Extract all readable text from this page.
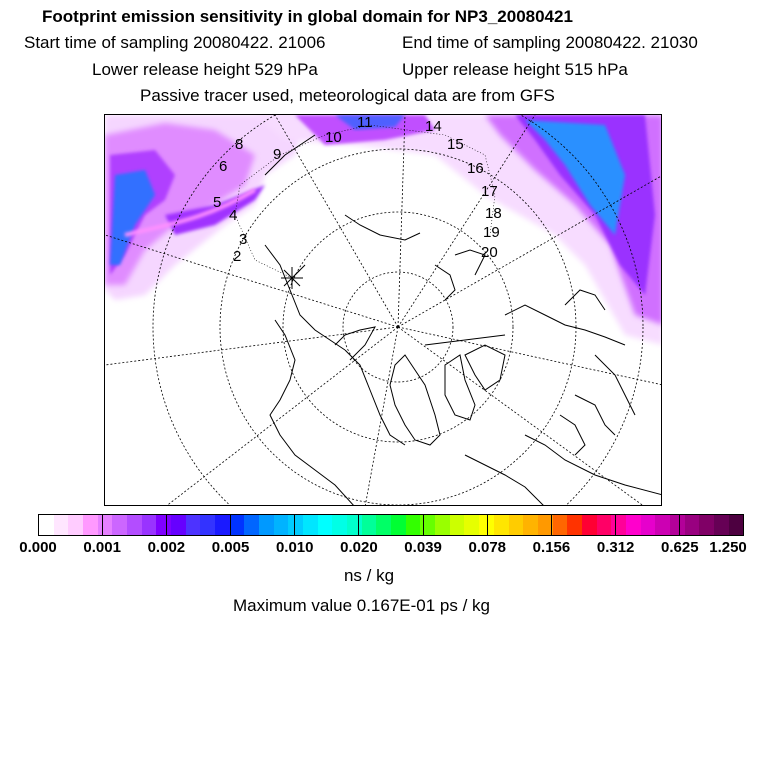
Footprint emission sensitivity in global domain for NP3_20080421
Start time of sampling 20080422. 21006	End time of sampling 20080422. 21030
Lower release height 529 hPa	Upper release height 515 hPa
Passive tracer used, meteorological data are from GFS
2
3
4
5
6
8
9
10
11	14
15
16
17
18
19
20
0.000 0.001 0.002 0.005 0.010 0.020 0.039 0.078 0.156 0.312 0.625 1.250
ns / kg
Maximum value 0.167E-01 ps / kg
